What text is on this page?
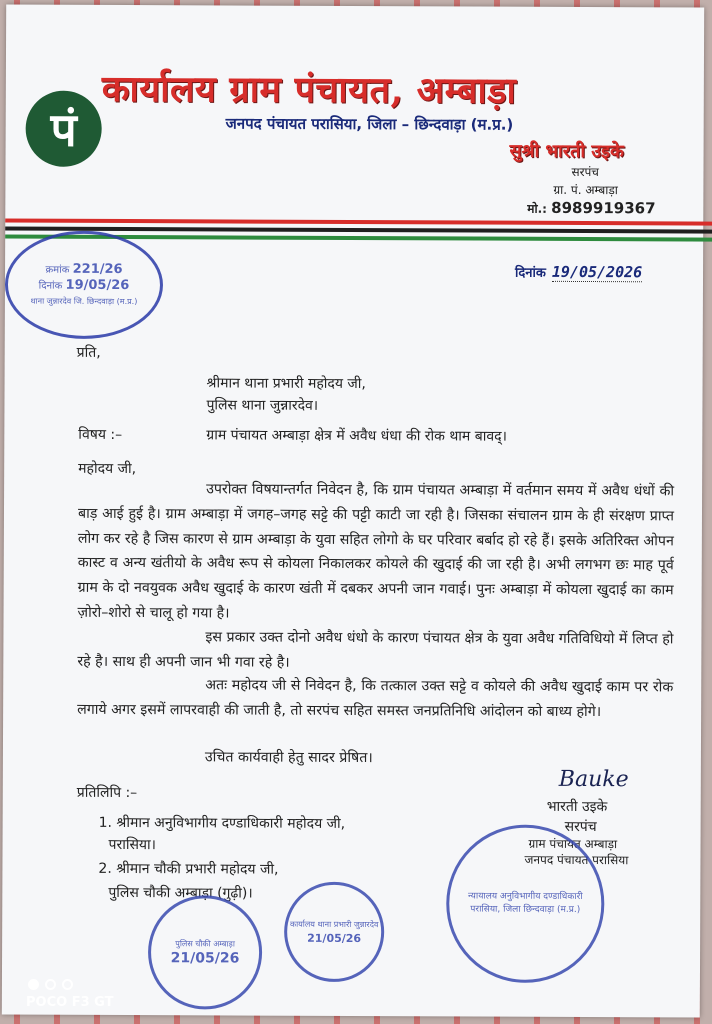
पं
कार्यालय ग्राम पंचायत, अम्बाड़ा
जनपद पंचायत परासिया, जिला – छिन्दवाड़ा (म.प्र.)
सुश्री भारती उइके
सरपंच
ग्रा. पं. अम्बाड़ा
मो.: 8989919367
दिनांक 19/05/2026
क्रमांक 221/26
दिनांक 19/05/26
थाना जुन्नारदेव जि. छिन्दवाड़ा (म.प्र.)
प्रति,
श्रीमान थाना प्रभारी महोदय जी,
पुलिस थाना जुन्नारदेव।
विषय :–	ग्राम पंचायत अम्बाड़ा क्षेत्र में अवैध धंधा की रोक थाम बावद्।
महोदय जी,
उपरोक्त विषयान्तर्गत निवेदन है, कि ग्राम पंचायत अम्बाड़ा में वर्तमान समय में अवैध धंधों की बाड़ आई हुई है। ग्राम अम्बाड़ा में जगह–जगह सट्टे की पट्टी काटी जा रही है। जिसका संचालन ग्राम के ही संरक्षण प्राप्त लोग कर रहे है जिस कारण से ग्राम अम्बाड़ा के युवा सहित लोगो के घर परिवार बर्बाद हो रहे हैं। इसके अतिरिक्त ओपन कास्ट व अन्य खंतीयो के अवैध रूप से कोयला निकालकर कोयले की खुदाई की जा रही है। अभी लगभग छः माह पूर्व ग्राम के दो नवयुवक अवैध खुदाई के कारण खंती में दबकर अपनी जान गवाई। पुनः अम्बाड़ा में कोयला खुदाई का काम ज़ोरो–शोरो से चालू हो गया है।
इस प्रकार उक्त दोनो अवैध धंधो के कारण पंचायत क्षेत्र के युवा अवैध गतिविधियो में लिप्त हो रहे है। साथ ही अपनी जान भी गवा रहे है।
अतः महोदय जी से निवेदन है, कि तत्काल उक्त सट्टे व कोयले की अवैध खुदाई काम पर रोक लगाये अगर इसमें लापरवाही की जाती है, तो सरपंच सहित समस्त जनप्रतिनिधि आंदोलन को बाध्य होगे।
उचित कार्यवाही हेतु सादर प्रेषित।
प्रतिलिपि :–
1. श्रीमान अनुविभागीय दण्डाधिकारी महोदय जी,
परासिया।
2. श्रीमान चौकी प्रभारी महोदय जी,
पुलिस चौकी अम्बाड़ा (गुढ़ी)।
Bauke
भारती उइके
सरपंच
ग्राम पंचायत अम्बाड़ा
जनपद पंचायत परासिया
पुलिस चौकी अम्बाड़ा
21/05/26
कार्यालय थाना प्रभारी जुन्नारदेव
21/05/26
न्यायालय अनुविभागीय दण्डाधिकारी परासिया, जिला छिन्दवाड़ा (म.प्र.)
POCO F3 GT
